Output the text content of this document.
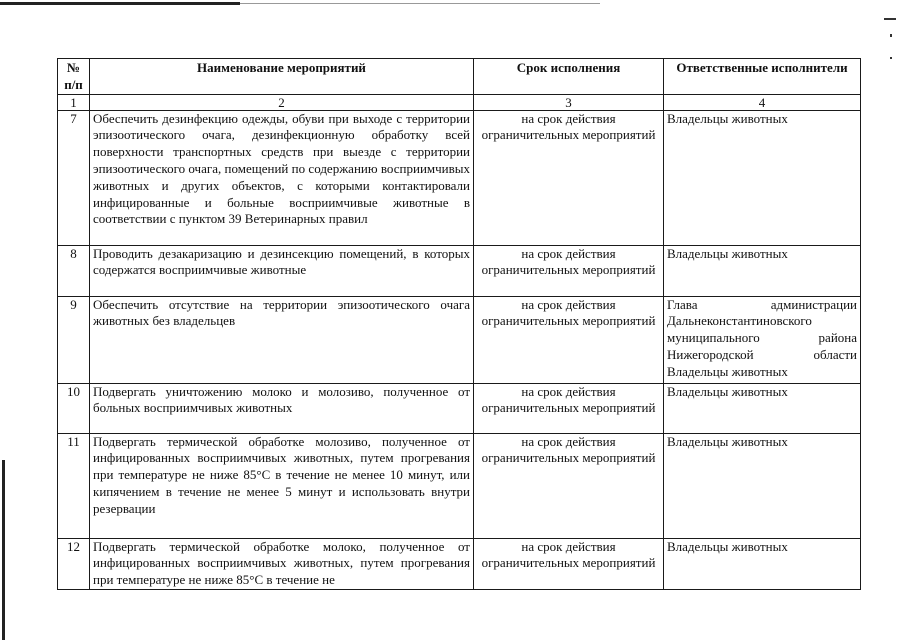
№ п/п	Наименование мероприятий	Срок исполнения	Ответственные исполнители
1	2	3	4
7	Обеспечить дезинфекцию одежды, обуви при выходе с территории эпизоотического очага, дезинфекционную обработку всей поверхности транспортных средств при выезде с территории эпизоотического очага, помещений по содержанию восприимчивых животных и других объектов, с которыми контактировали инфицированные и больные восприимчивые животные в соответствии с пунктом 39 Ветеринарных правил	на срок действия ограничительных мероприятий	Владельцы животных
8	Проводить дезакаризацию и дезинсекцию помещений, в которых содержатся восприимчивые животные	на срок действия ограничительных мероприятий	Владельцы животных
9	Обеспечить отсутствие на территории эпизоотического очага животных без владельцев	на срок действия ограничительных мероприятий	Глава администрации Дальнеконстантиновского муниципального района Нижегородской области Владельцы животных
10	Подвергать уничтожению молоко и молозиво, полученное от больных восприимчивых животных	на срок действия ограничительных мероприятий	Владельцы животных
11	Подвергать термической обработке молозиво, полученное от инфицированных восприимчивых животных, путем прогревания при температуре не ниже 85°С в течение не менее 10 минут, или кипячением в течение не менее 5 минут и использовать внутри резервации	на срок действия ограничительных мероприятий	Владельцы животных
12	Подвергать термической обработке молоко, полученное от инфицированных восприимчивых животных, путем прогревания при температуре не ниже 85°С в течение не	на срок действия ограничительных мероприятий	Владельцы животных
